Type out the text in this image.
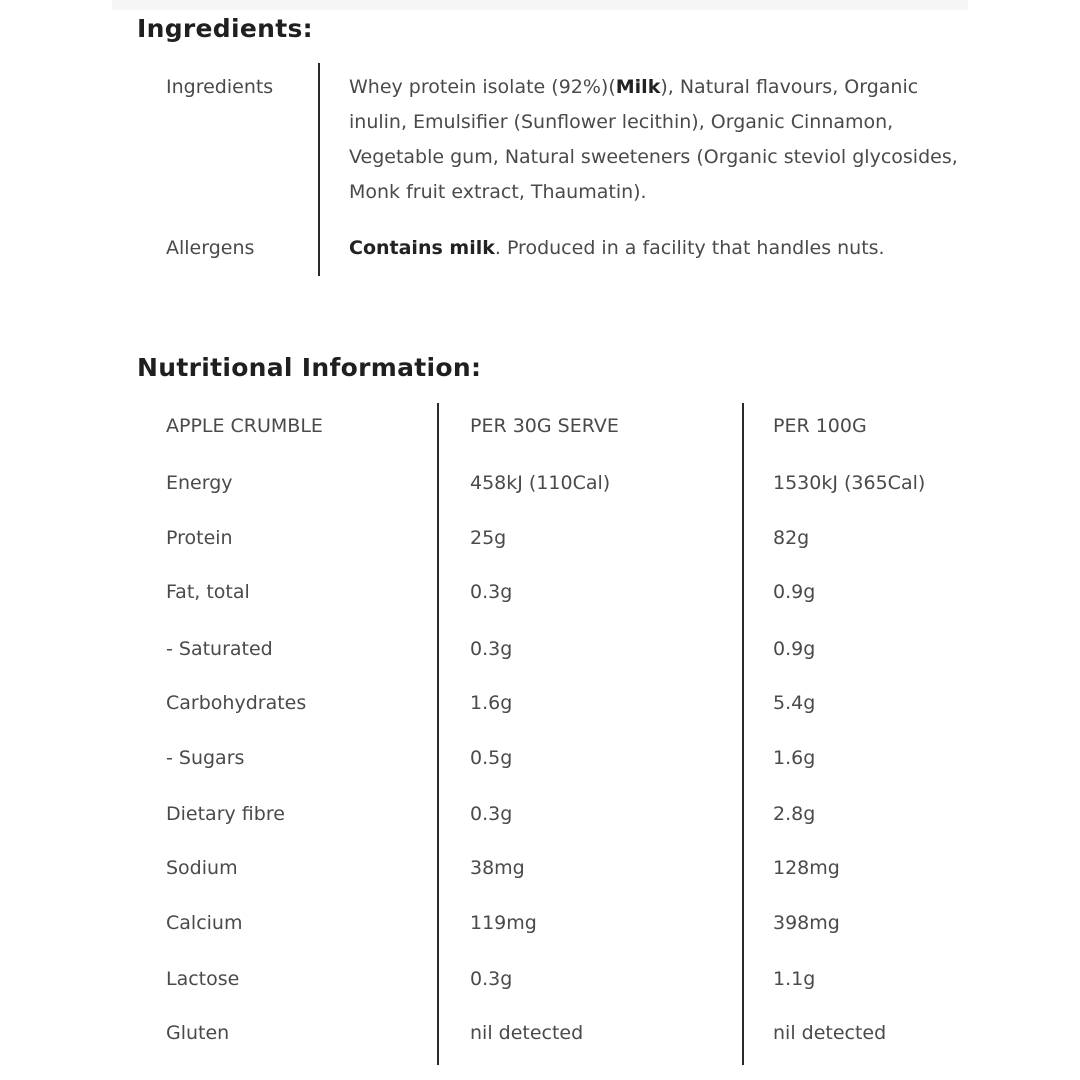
Ingredients:
Ingredients	Whey protein isolate (92%)(Milk), Natural flavours, Organic inulin, Emulsifier (Sunflower lecithin), Organic Cinnamon, Vegetable gum, Natural sweeteners (Organic steviol glycosides, Monk fruit extract, Thaumatin).
Allergens	Contains milk. Produced in a facility that handles nuts.
Nutritional Information:
APPLE CRUMBLE	PER 30G SERVE	PER 100G
Energy	458kJ (110Cal)	1530kJ (365Cal)
Protein	25g	82g
Fat, total	0.3g	0.9g
- Saturated	0.3g	0.9g
Carbohydrates	1.6g	5.4g
- Sugars	0.5g	1.6g
Dietary fibre	0.3g	2.8g
Sodium	38mg	128mg
Calcium	119mg	398mg
Lactose	0.3g	1.1g
Gluten	nil detected	nil detected
